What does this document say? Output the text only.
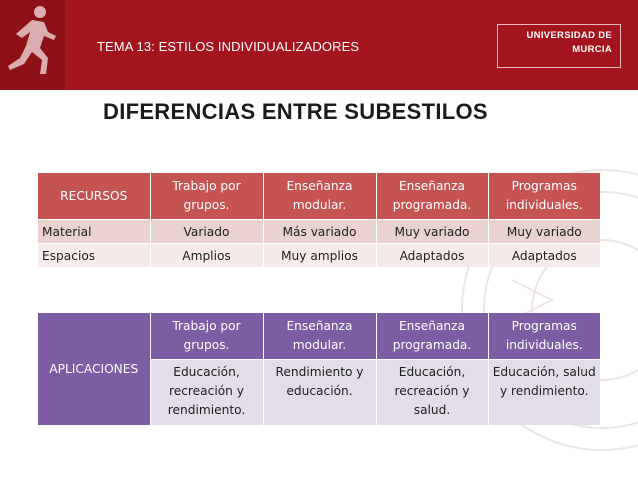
TEMA 13: ESTILOS INDIVIDUALIZADORES
UNIVERSIDAD DE
MURCIA
DIFERENCIAS ENTRE SUBESTILOS
RECURSOS	Trabajo por grupos.	Enseñanza modular.	Enseñanza programada.	Programas individuales.
Material	Variado	Más variado	Muy variado	Muy variado
Espacios	Amplios	Muy amplios	Adaptados	Adaptados
APLICACIONES	Trabajo por grupos.	Enseñanza modular.	Enseñanza programada.	Programas individuales.
	Educación, recreación y rendimiento.	Rendimiento y educación.	Educación, recreación y salud.	Educación, salud y rendimiento.
